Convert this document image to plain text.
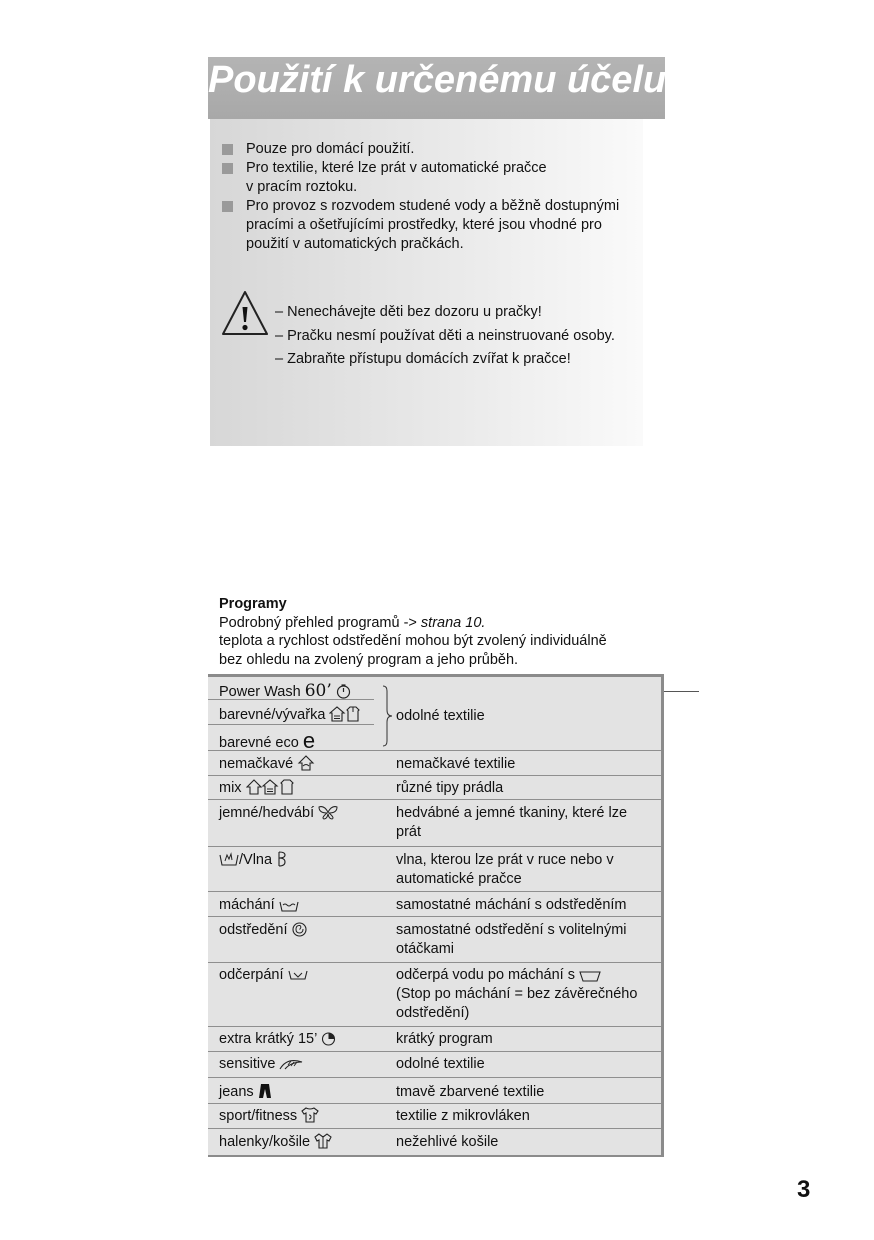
Použití k určenému účelu
Pouze pro domácí použití.
Pro textilie, které lze prát v automatické pračce
v pracím roztoku.
Pro provoz s rozvodem studené vody a běžně dostupnými
pracími a ošetřujícími prostředky, které jsou vhodné pro
použití v automatických pračkách.
– Nenechávejte děti bez dozoru u pračky!
– Pračku nesmí používat děti a neinstruované osoby.
– Zabraňte přístupu domácích zvířat k pračce!
Programy
Podrobný přehled programů -> strana 10.
teplota a rychlost odstředění mohou být zvolený individuálně
bez ohledu na zvolený program a jeho průběh.
Power Wash 60’
barevné/vývařka
barevné eco e
odolné textilie
nemačkavé	nemačkavé textilie
mix	různé tipy prádla
jemné/hedvábí	hedvábné a jemné tkaniny, které lze prát
/Vlna	vlna, kterou lze prát v ruce nebo v automatické pračce
máchání	samostatné máchání s odstředěním
odstředění	samostatné odstředění s volitelnými otáčkami
odčerpání	odčerpá vodu po máchání s
(Stop po máchání = bez závěrečného odstředění)
extra krátký 15’	krátký program
sensitive	odolné textilie
jeans	tmavě zbarvené textilie
sport/fitness	textilie z mikrovláken
halenky/košile	nežehlivé košile
3
